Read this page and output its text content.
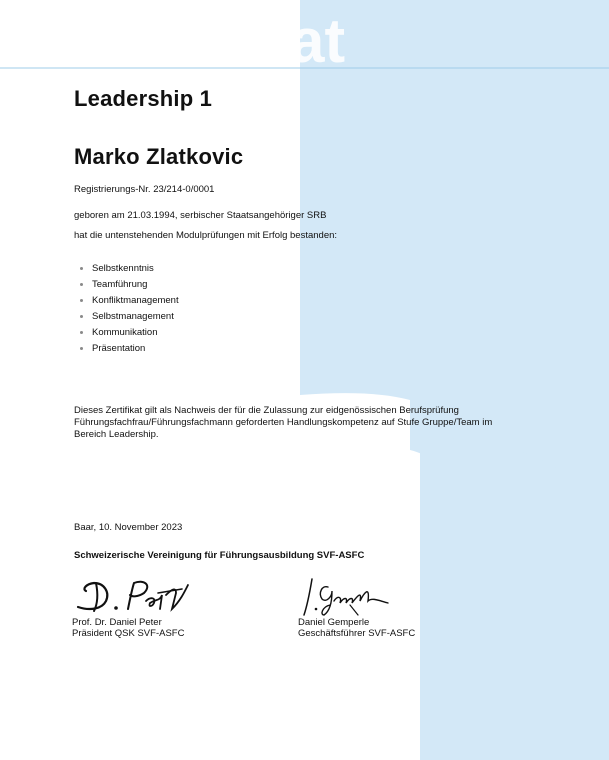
at
Leadership 1
Marko Zlatkovic

Registrierungs-Nr. 23/214-0/0001

geboren am 21.03.1994, serbischer Staatsangehöriger SRB

hat die untenstehenden Modulprüfungen mit Erfolg bestanden:

Selbstkenntnis
Teamführung
Konfliktmanagement
Selbstmanagement
Kommunikation
Präsentation

Dieses Zertifikat gilt als Nachweis der für die Zulassung zur eidgenössischen Berufsprüfung Führungsfachfrau/Führungsfachmann geforderten Handlungskompetenz auf Stufe Gruppe/Team im Bereich Leadership.

Baar, 10. November 2023

Schweizerische Vereinigung für Führungsausbildung SVF-ASFC

Prof. Dr. Daniel Peter

Präsident QSK SVF-ASFC

Daniel Gemperle

Geschäftsführer SVF-ASFC
